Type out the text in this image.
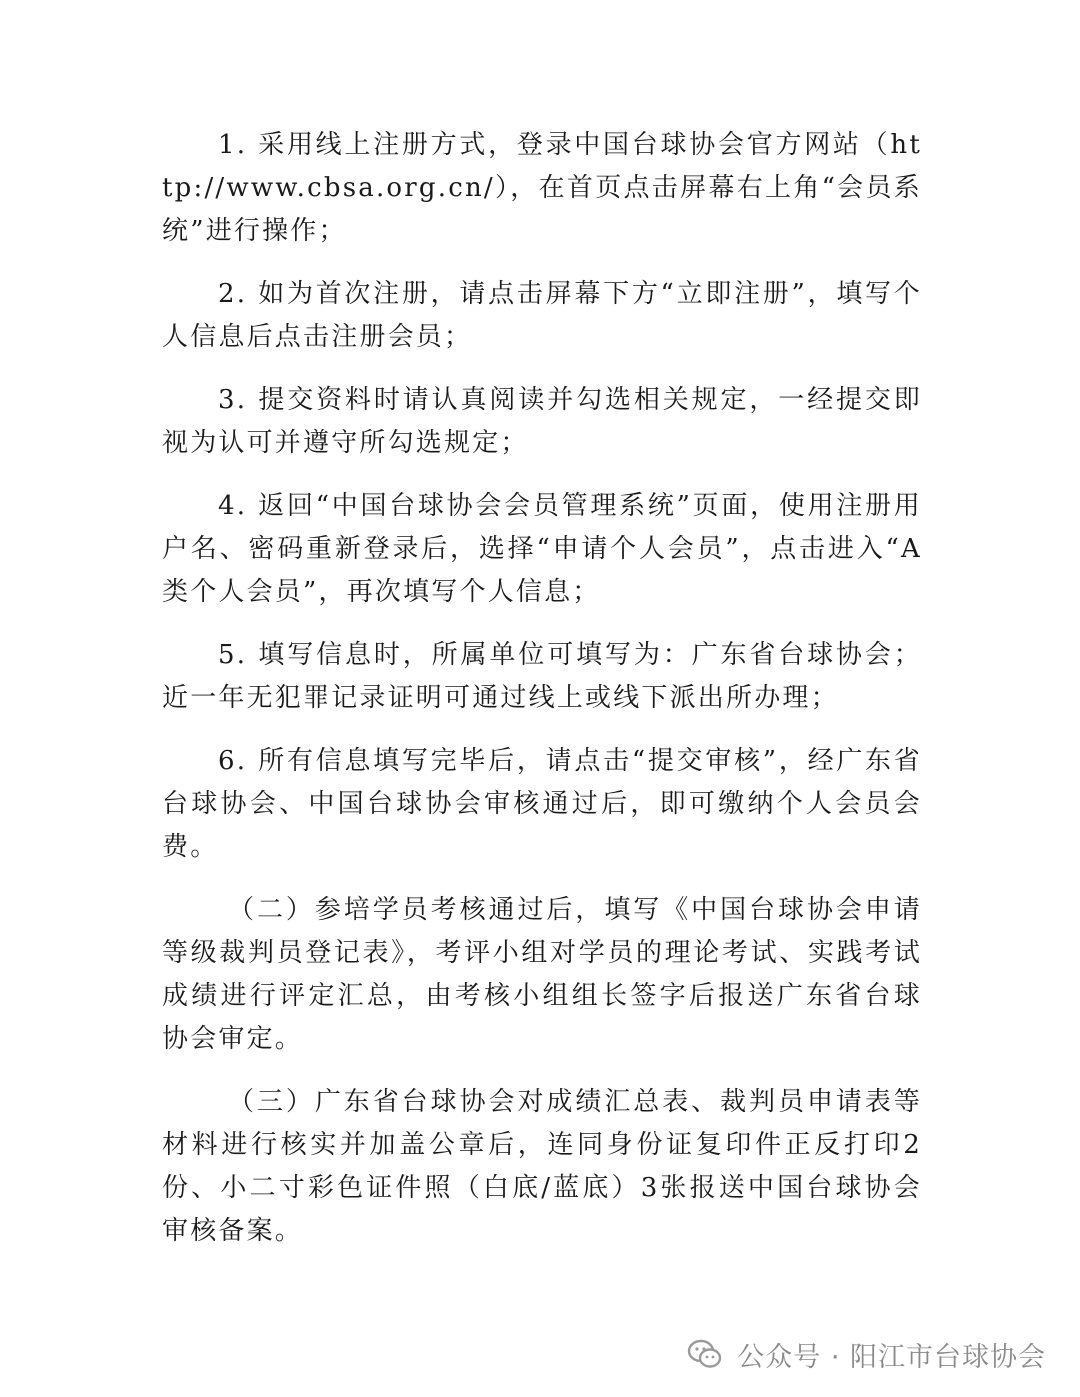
1. 采用线上注册方式，登录中国台球协会官方网站（http://www.cbsa.org.cn/），在首页点击屏幕右上角“会员系统”进行操作；

2. 如为首次注册，请点击屏幕下方“立即注册”，填写个人信息后点击注册会员；

3. 提交资料时请认真阅读并勾选相关规定，一经提交即视为认可并遵守所勾选规定；

4. 返回“中国台球协会会员管理系统”页面，使用注册用户名、密码重新登录后，选择“申请个人会员”，点击进入“A类个人会员”，再次填写个人信息；

5. 填写信息时，所属单位可填写为：广东省台球协会；近一年无犯罪记录证明可通过线上或线下派出所办理；

6. 所有信息填写完毕后，请点击“提交审核”，经广东省台球协会、中国台球协会审核通过后，即可缴纳个人会员会费。

（二）参培学员考核通过后，填写《中国台球协会申请等级裁判员登记表》，考评小组对学员的理论考试、实践考试成绩进行评定汇总，由考核小组组长签字后报送广东省台球协会审定。

（三）广东省台球协会对成绩汇总表、裁判员申请表等材料进行核实并加盖公章后，连同身份证复印件正反打印2份、小二寸彩色证件照（白底/蓝底）3张报送中国台球协会审核备案。

公众号 · 阳江市台球协会
